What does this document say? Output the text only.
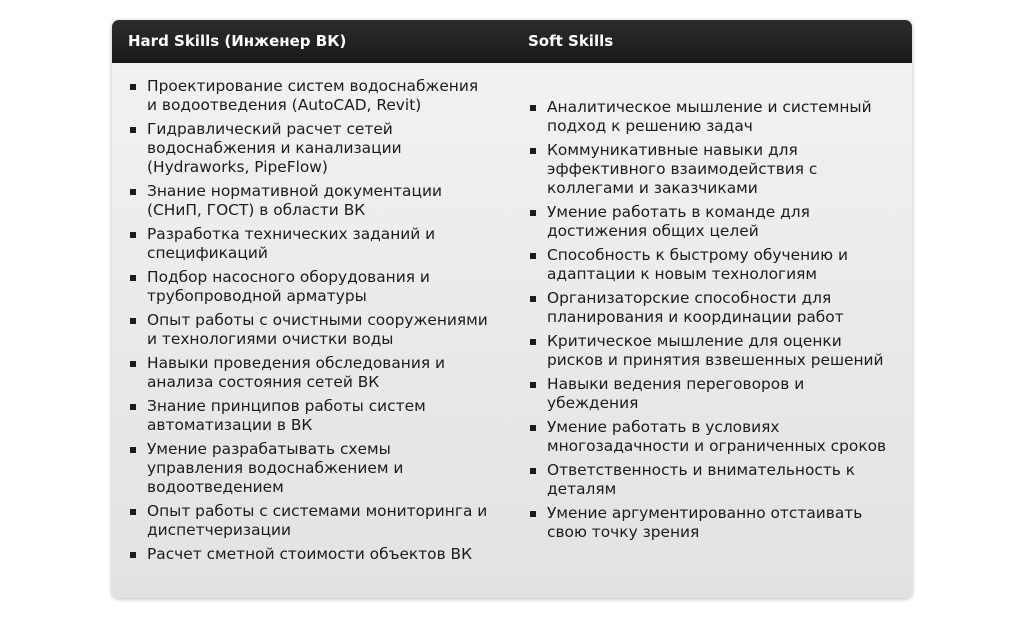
Hard Skills (Инженер ВК)	Soft Skills
Проектирование систем водоснабжения и водоотведения (AutoCAD, Revit)
Гидравлический расчет сетей водоснабжения и канализации (Hydraworks, PipeFlow)
Знание нормативной документации (СНиП, ГОСТ) в области ВК
Разработка технических заданий и спецификаций
Подбор насосного оборудования и трубопроводной арматуры
Опыт работы с очистными сооружениями и технологиями очистки воды
Навыки проведения обследования и анализа состояния сетей ВК
Знание принципов работы систем автоматизации в ВК
Умение разрабатывать схемы управления водоснабжением и водоотведением
Опыт работы с системами мониторинга и диспетчеризации
Расчет сметной стоимости объектов ВК
Аналитическое мышление и системный подход к решению задач
Коммуникативные навыки для эффективного взаимодействия с коллегами и заказчиками
Умение работать в команде для достижения общих целей
Способность к быстрому обучению и адаптации к новым технологиям
Организаторские способности для планирования и координации работ
Критическое мышление для оценки рисков и принятия взвешенных решений
Навыки ведения переговоров и убеждения
Умение работать в условиях многозадачности и ограниченных сроков
Ответственность и внимательность к деталям
Умение аргументированно отстаивать свою точку зрения
